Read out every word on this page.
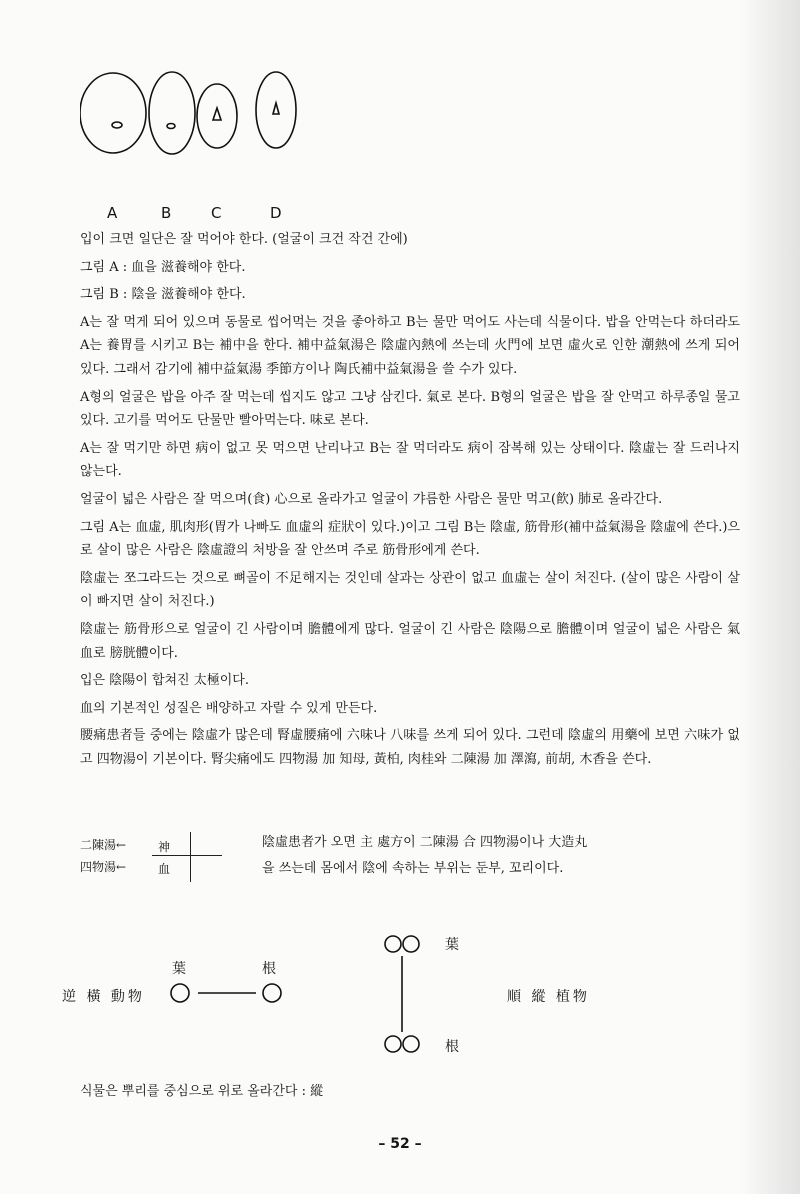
A	B	C	D

입이 크면 일단은 잘 먹어야 한다. (얼굴이 크건 작건 간에)

그림 A : 血을 滋養해야 한다.

그림 B : 陰을 滋養해야 한다.

A는 잘 먹게 되어 있으며 동물로 씹어먹는 것을 좋아하고 B는 물만 먹어도 사는데 식물이다. 밥을 안먹는다 하더라도 A는 養胃를 시키고 B는 補中을 한다. 補中益氣湯은 陰虛內熱에 쓰는데 火門에 보면 虛火로 인한 潮熱에 쓰게 되어 있다. 그래서 감기에 補中益氣湯 季節方이나 陶氏補中益氣湯을 쓸 수가 있다.

A형의 얼굴은 밥을 아주 잘 먹는데 씹지도 않고 그냥 삼킨다. 氣로 본다. B형의 얼굴은 밥을 잘 안먹고 하루종일 물고 있다. 고기를 먹어도 단물만 빨아먹는다. 味로 본다.

A는 잘 먹기만 하면 病이 없고 못 먹으면 난리나고 B는 잘 먹더라도 病이 잠복해 있는 상태이다. 陰虛는 잘 드러나지 않는다.

얼굴이 넓은 사람은 잘 먹으며(食) 心으로 올라가고 얼굴이 갸름한 사람은 물만 먹고(飮) 肺로 올라간다.

그림 A는 血虛, 肌肉形(胃가 나빠도 血虛의 症狀이 있다.)이고 그림 B는 陰虛, 筋骨形(補中益氣湯을 陰虛에 쓴다.)으로 살이 많은 사람은 陰虛證의 처방을 잘 안쓰며 주로 筋骨形에게 쓴다.

陰虛는 쪼그라드는 것으로 뼈골이 不足해지는 것인데 살과는 상관이 없고 血虛는 살이 처진다. (살이 많은 사람이 살이 빠지면 살이 처진다.)

陰虛는 筋骨形으로 얼굴이 긴 사람이며 膽體에게 많다. 얼굴이 긴 사람은 陰陽으로 膽體이며 얼굴이 넓은 사람은 氣血로 膀胱體이다.

입은 陰陽이 합쳐진 太極이다.

血의 기본적인 성질은 배양하고 자랄 수 있게 만든다.

腰痛患者들 중에는 陰虛가 많은데 腎虛腰痛에 六味나 八味를 쓰게 되어 있다. 그런데 陰虛의 用藥에 보면 六味가 없고 四物湯이 기본이다. 腎尖痛에도 四物湯 加 知母, 黃柏, 肉桂와 二陳湯 加 澤瀉, 前胡, 木香을 쓴다.

二陳湯←
四物湯←
神
血
陰虛患者가 오면 主 處方이 二陳湯 合 四物湯이나 大造丸
을 쓰는데 몸에서 陰에 속하는 부위는 둔부, 꼬리이다.
逆 橫 動物
葉	根
葉
根
順 縱 植物
식물은 뿌리를 중심으로 위로 올라간다 : 縱
– 52 –
